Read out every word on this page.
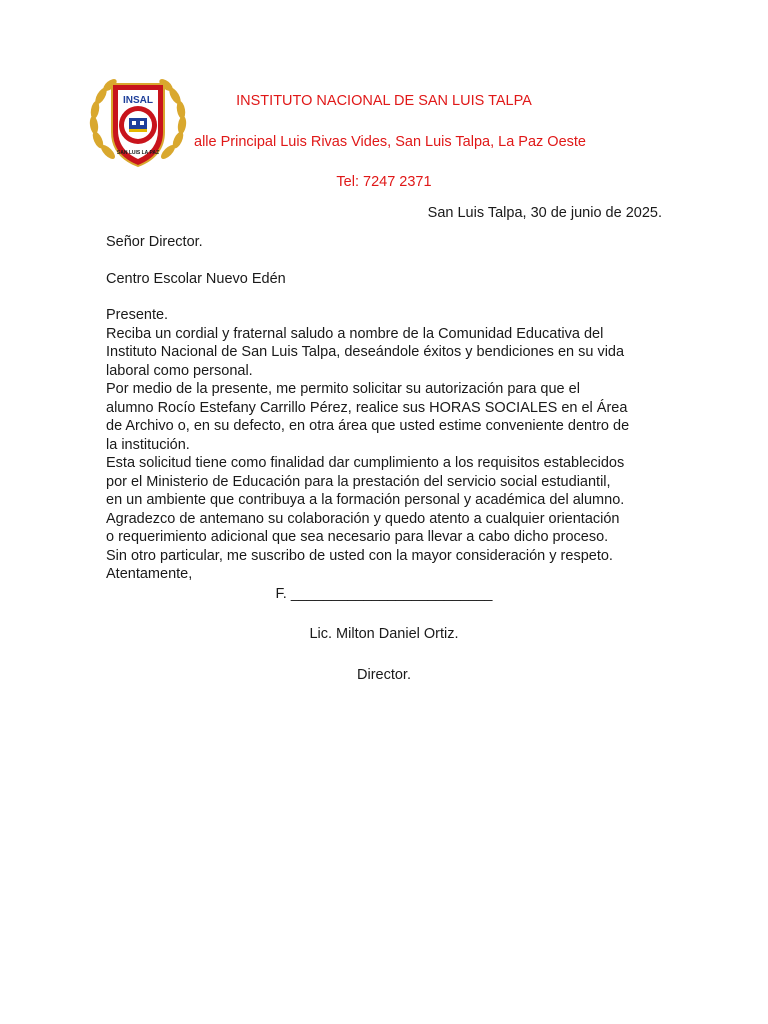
INSAL
SAN LUIS LA PAZ
INSTITUTO NACIONAL DE SAN LUIS TALPA
alle Principal Luis Rivas Vides, San Luis Talpa, La Paz Oeste
Tel: 7247 2371
San Luis Talpa, 30 de junio de 2025.
Señor Director.
Centro Escolar Nuevo Edén
Presente.
Reciba un cordial y fraternal saludo a nombre de la Comunidad Educativa del
Instituto Nacional de San Luis Talpa, deseándole éxitos y bendiciones en su vida
laboral como personal.
Por medio de la presente, me permito solicitar su autorización para que el
alumno Rocío Estefany Carrillo Pérez, realice sus HORAS SOCIALES en el Área
de Archivo o, en su defecto, en otra área que usted estime conveniente dentro de
la institución.
Esta solicitud tiene como finalidad dar cumplimiento a los requisitos establecidos
por el Ministerio de Educación para la prestación del servicio social estudiantil,
en un ambiente que contribuya a la formación personal y académica del alumno.
Agradezco de antemano su colaboración y quedo atento a cualquier orientación
o requerimiento adicional que sea necesario para llevar a cabo dicho proceso.
Sin otro particular, me suscribo de usted con la mayor consideración y respeto.
Atentamente,
F. _________________________
Lic. Milton Daniel Ortiz.
Director.
